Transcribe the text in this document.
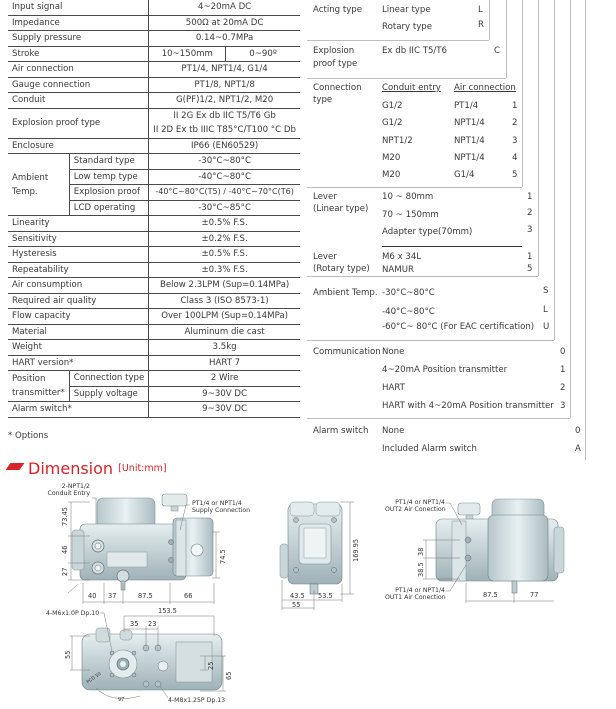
Input signal		4~20mA DC	
Impedance		500Ω at 20mA DC	
Supply pressure		0.14~0.7MPa	
Stroke		10~150mm	0~90º
Air connection		PT1/4, NPT1/4, G1/4	
Gauge connection		PT1/8, NPT1/8	
Conduit		G(PF)1/2, NPT1/2, M20	
Explosion proof type		II 2G Ex db IIC T5/T6 Gb	
		II 2D Ex tb IIIC T85°C/T100 °C Db	
Enclosure		IP66 (EN60529)	

Ambient
Temp.	Standard type	-30°C~80°C	
	Low temp type	-40°C~80°C	
	Explosion proof	-40°C~80°C(T5) / -40°C~70°C(T6)	
	LCD operating	-30°C~85°C	
Linearity		±0.5% F.S.	
Sensitivity		±0.2% F.S.	
Hysteresis		±0.5% F.S.	
Repeatability		±0.3% F.S.	
Air consumption		Below 2.3LPM (Sup=0.14MPa)	
Required air quality		Class 3 (ISO 8573-1)	
Flow capacity		Over 100LPM (Sup=0.14MPa)	
Material		Aluminum die cast	
Weight		3.5kg	
HART version*		HART 7	

Position
transmitter*	Connection type	2 Wire	
	Supply voltage	9~30V DC	
Alarm switch*		9~30V DC	
* Options
Acting type Linear type	L
Rotary type	R
Explosion
proof type
Ex db IIC T5/T6	C
Connection
type
Conduit entry Air connection
G1/2	PT1/4	1
G1/2	NPT1/4	2
NPT1/2	NPT1/4	3
M20	NPT1/4	4
M20	G1/4	5
Lever
(Linear type)
10 ~ 80mm	1
70 ~ 150mm	2
Adapter type(70mm)	3
Lever
(Rotary type)
M6 x 34L	1
NAMUR	5
Ambient Temp. -30°C~80°C	S
-40°C~80°C	L
-60°C~ 80°C (For EAC certification) U
Communication None	0
4~20mA Position transmitter	1
HART	2
HART with 4~20mA Position transmitter 3
Alarm switch None	0
Included Alarm switch	A
Dimension [Unit:mm]
2-NPT1/2
Conduit Entry
PT1/4 or NPT1/4
Supply Connection
73.45
46
27
74.5
40 37	87.5	66
153.5
35 23
4-M6x1.0P Dp.10
55
25
65
97
PCD 50
4-M8x1.25P Dp.13
169.95
43.5 53.5
55
PT1/4 or NPT1/4
OUT2 Air Conection
38
38.5
PT1/4 or NPT1/4
OUT1 Air Conection	87.5	77
